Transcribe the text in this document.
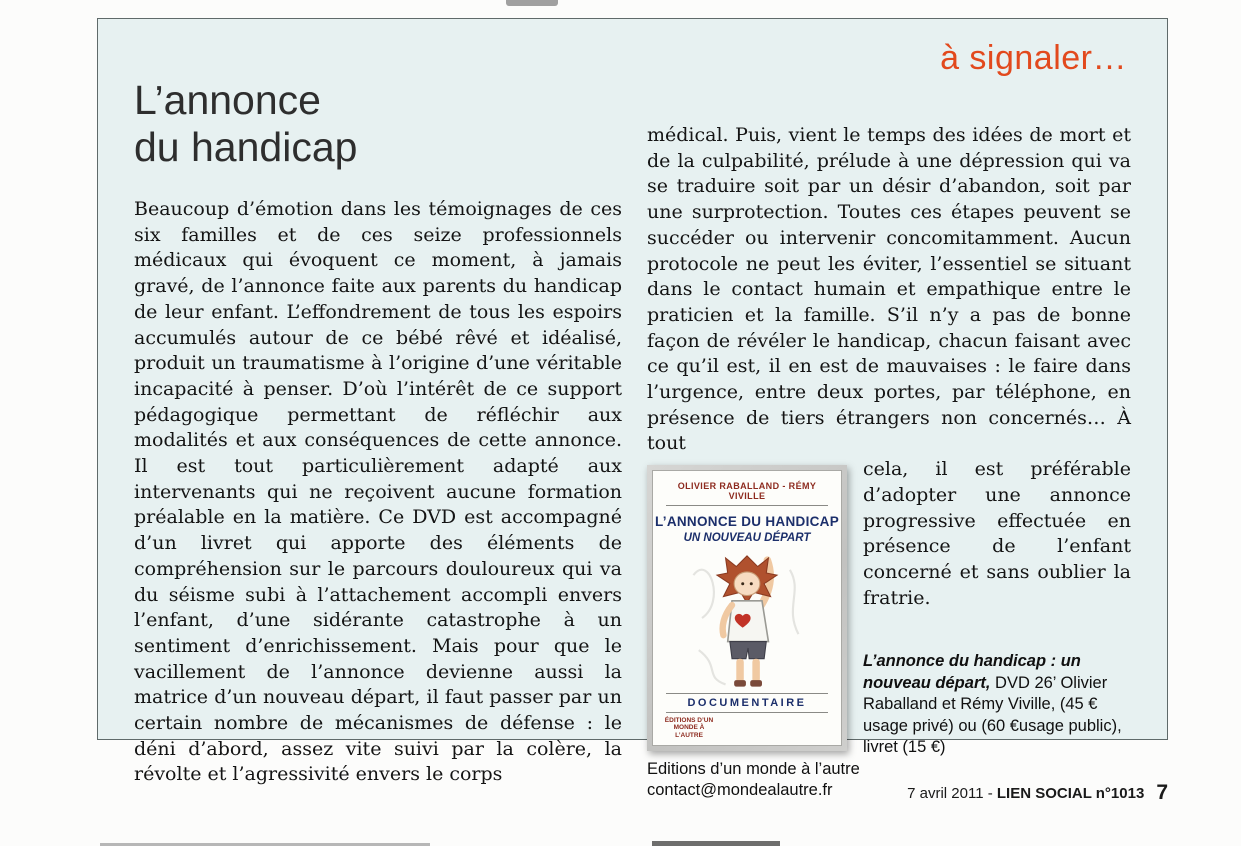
à signaler…
L’annonce
du handicap

Beaucoup d’émotion dans les témoignages de ces six familles et de ces seize professionnels médicaux qui évoquent ce moment, à jamais gravé, de l’annonce faite aux parents du handicap de leur enfant. L’effondrement de tous les espoirs accumulés autour de ce bébé rêvé et idéalisé, produit un traumatisme à l’origine d’une véritable incapacité à penser. D’où l’intérêt de ce support pédagogique permettant de réfléchir aux modalités et aux conséquences de cette annonce. Il est tout particulièrement adapté aux intervenants qui ne reçoivent aucune formation préalable en la matière. Ce DVD est accompagné d’un livret qui apporte des éléments de compréhension sur le parcours douloureux qui va du séisme subi à l’attachement accompli envers l’enfant, d’une sidérante catastrophe à un sentiment d’enrichissement. Mais pour que le vacillement de l’annonce devienne aussi la matrice d’un nouveau départ, il faut passer par un certain nombre de mécanismes de défense : le déni d’abord, assez vite suivi par la colère, la révolte et l’agressivité envers le corps

médical. Puis, vient le temps des idées de mort et de la culpabilité, prélude à une dépression qui va se traduire soit par un désir d’abandon, soit par une surprotection. Toutes ces étapes peuvent se succéder ou intervenir concomitamment. Aucun protocole ne peut les éviter, l’essentiel se situant dans le contact humain et empathique entre le praticien et la famille. S’il n’y a pas de bonne façon de révéler le handicap, chacun faisant avec ce qu’il est, il en est de mauvaises : le faire dans l’urgence, entre deux portes, par téléphone, en présence de tiers étrangers non concernés… À tout

OLIVIER RABALLAND - RÉMY VIVILLE
L’ANNONCE DU HANDICAP
UN NOUVEAU DÉPART
DOCUMENTAIRE
ÉDITIONS D’UN MONDE À L’AUTRE

cela, il est préférable d’adopter une annonce progressive effectuée en présence de l’enfant concerné et sans oublier la fratrie.

L’annonce du handicap : un nouveau départ, DVD 26’ Olivier Raballand et Rémy Viville, (45 € usage privé) ou (60 €usage public), livret (15 €)
Editions d’un monde à l’autre
contact@mondealautre.fr	7 avril 2011 - LIEN SOCIAL n°1013 7
